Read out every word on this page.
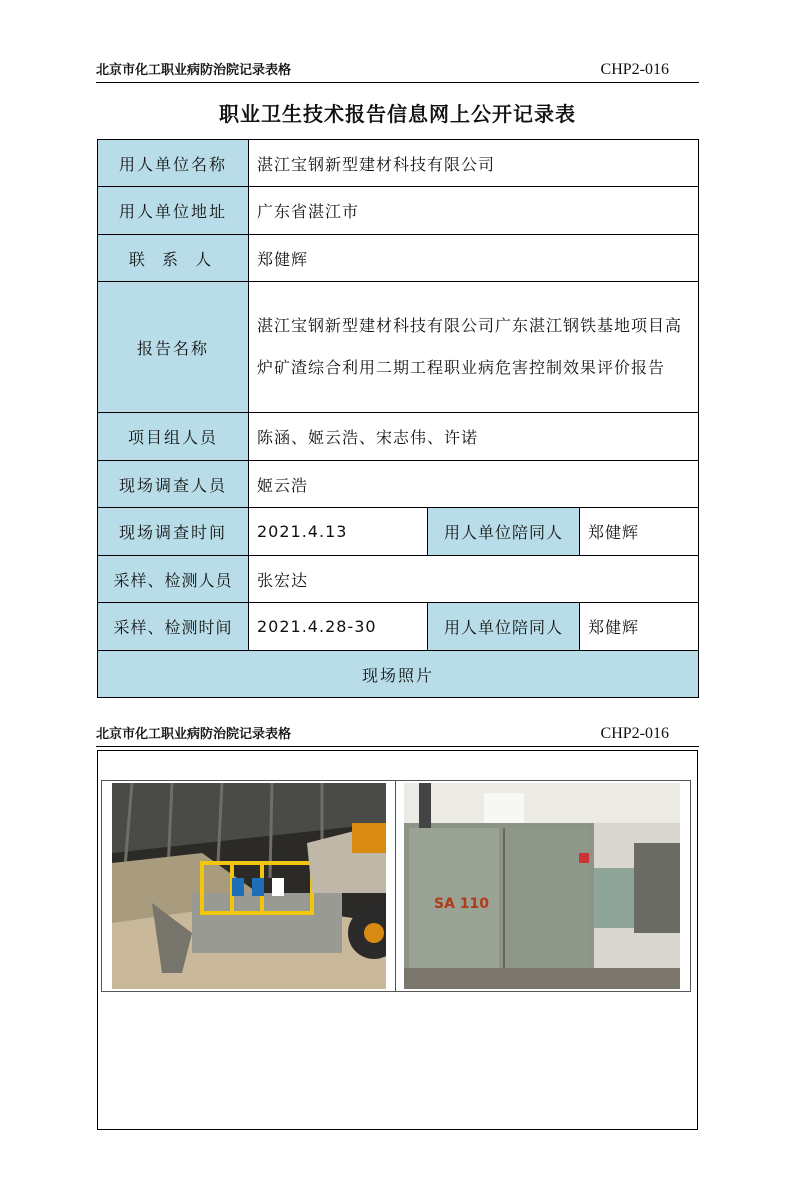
北京市化工职业病防治院记录表格	CHP2-016
职业卫生技术报告信息网上公开记录表
用人单位名称	湛江宝钢新型建材科技有限公司		
用人单位地址	广东省湛江市		
联 系 人	郑健辉		
报告名称	湛江宝钢新型建材科技有限公司广东湛江钢铁基地项目高炉矿渣综合利用二期工程职业病危害控制效果评价报告		
项目组人员	陈涵、姬云浩、宋志伟、许诺		
现场调查人员	姬云浩		
现场调查时间	2021.4.13	用人单位陪同人	郑健辉
采样、检测人员	张宏达		
采样、检测时间	2021.4.28-30	用人单位陪同人	郑健辉
现场照片			
北京市化工职业病防治院记录表格	CHP2-016
SA 110
